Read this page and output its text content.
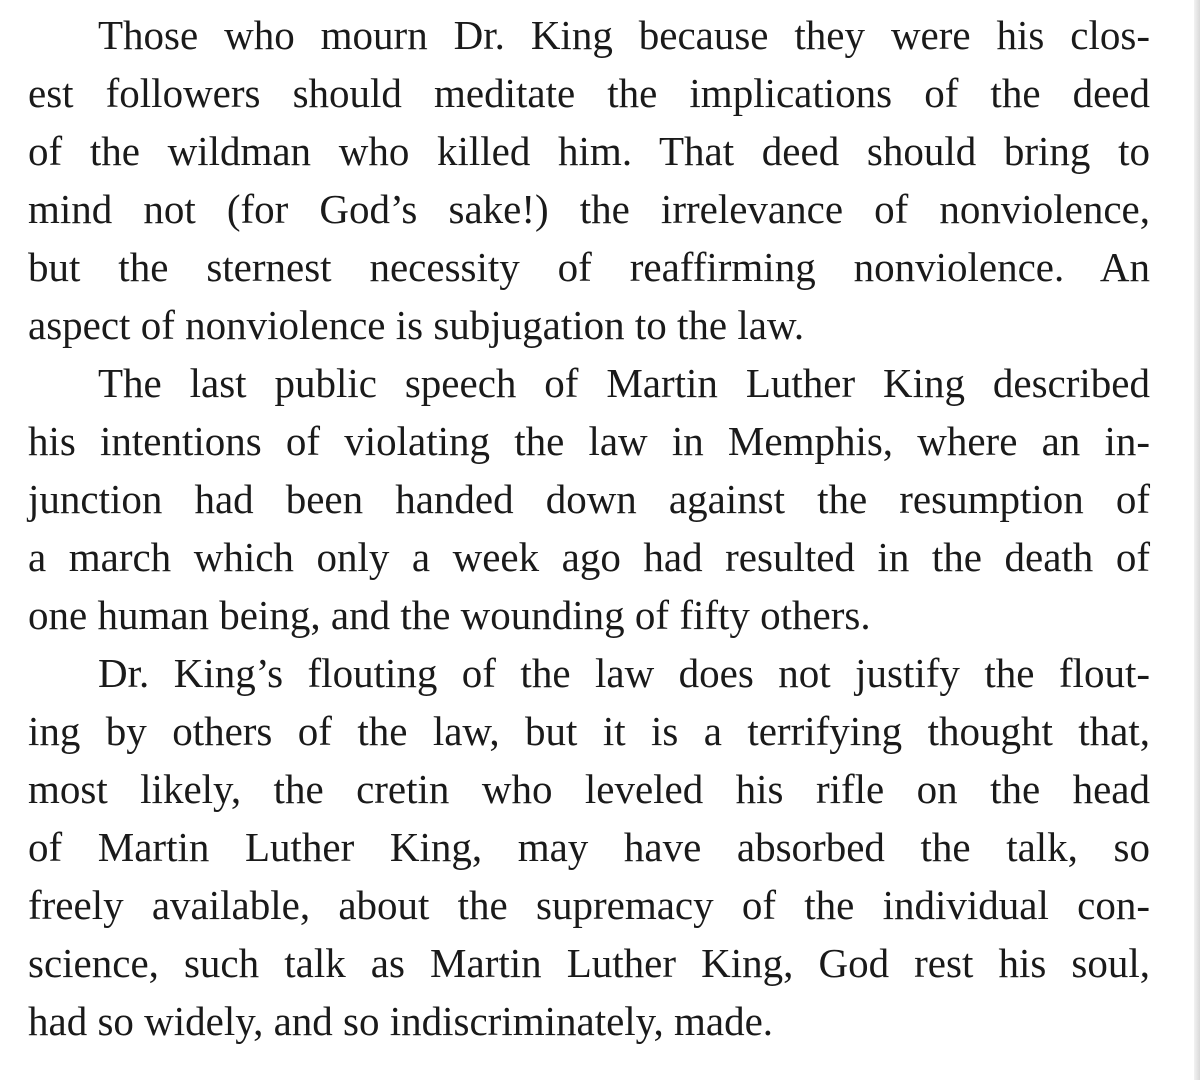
Those who mourn Dr. King because they were his clos-
est followers should meditate the implications of the deed
of the wildman who killed him. That deed should bring to
mind not (for God’s sake!) the irrelevance of nonviolence,
but the sternest necessity of reaffirming nonviolence. An
aspect of nonviolence is subjugation to the law.
The last public speech of Martin Luther King described
his intentions of violating the law in Memphis, where an in-
junction had been handed down against the resumption of
a march which only a week ago had resulted in the death of
one human being, and the wounding of fifty others.
Dr. King’s flouting of the law does not justify the flout-
ing by others of the law, but it is a terrifying thought that,
most likely, the cretin who leveled his rifle on the head
of Martin Luther King, may have absorbed the talk, so
freely available, about the supremacy of the individual con-
science, such talk as Martin Luther King, God rest his soul,
had so widely, and so indiscriminately, made.
